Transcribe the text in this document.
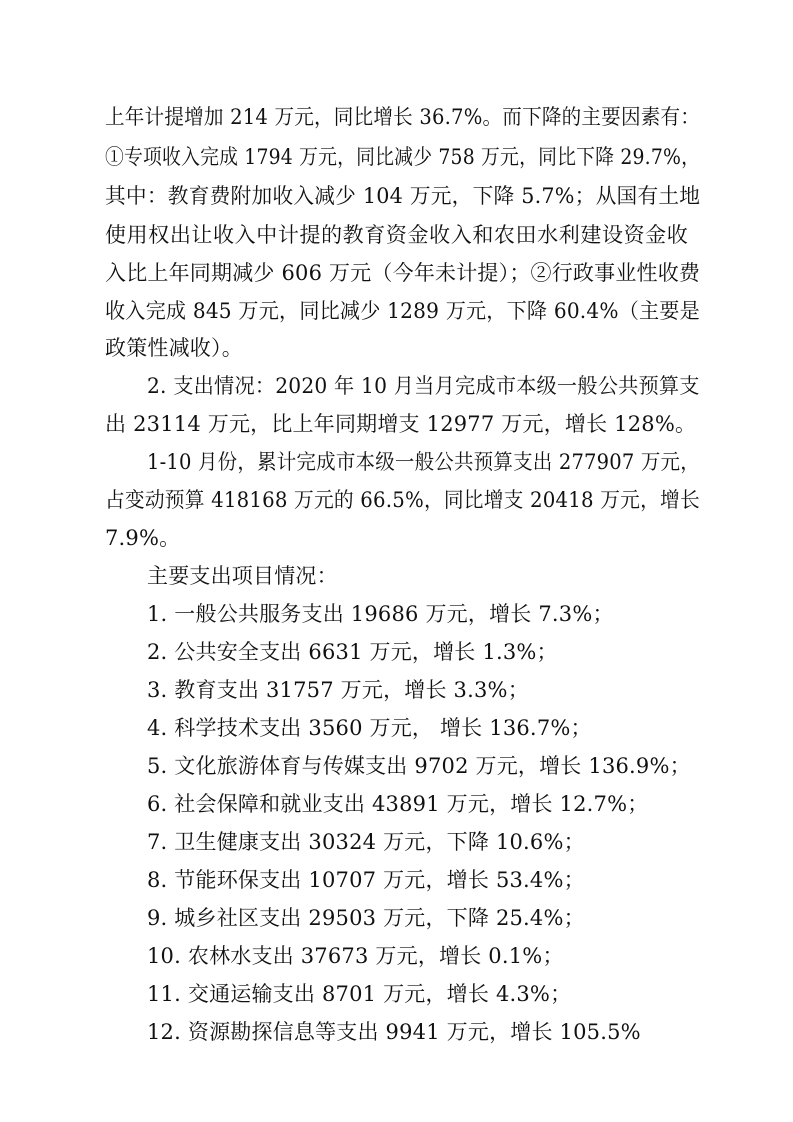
上年计提增加 214 万元，同比增长 36.7%。而下降的主要因素有：
①专项收入完成 1794 万元，同比减少 758 万元，同比下降 29.7%，
其中：教育费附加收入减少 104 万元，下降 5.7%；从国有土地
使用权出让收入中计提的教育资金收入和农田水利建设资金收
入比上年同期减少 606 万元（今年未计提）；②行政事业性收费
收入完成 845 万元，同比减少 1289 万元，下降 60.4%（主要是
政策性减收）。
2. 支出情况：2020 年 10 月当月完成市本级一般公共预算支
出 23114 万元，比上年同期增支 12977 万元，增长 128%。
1-10 月份，累计完成市本级一般公共预算支出 277907 万元，
占变动预算 418168 万元的 66.5%，同比增支 20418 万元，增长
7.9%。
主要支出项目情况：
1. 一般公共服务支出 19686 万元，增长 7.3%；
2. 公共安全支出 6631 万元，增长 1.3%；
3. 教育支出 31757 万元，增长 3.3%；
4. 科学技术支出 3560 万元， 增长 136.7%；
5. 文化旅游体育与传媒支出 9702 万元，增长 136.9%；
6. 社会保障和就业支出 43891 万元，增长 12.7%；
7. 卫生健康支出 30324 万元，下降 10.6%；
8. 节能环保支出 10707 万元，增长 53.4%；
9. 城乡社区支出 29503 万元，下降 25.4%；
10. 农林水支出 37673 万元，增长 0.1%；
11. 交通运输支出 8701 万元，增长 4.3%；
12. 资源勘探信息等支出 9941 万元，增长 105.5%
